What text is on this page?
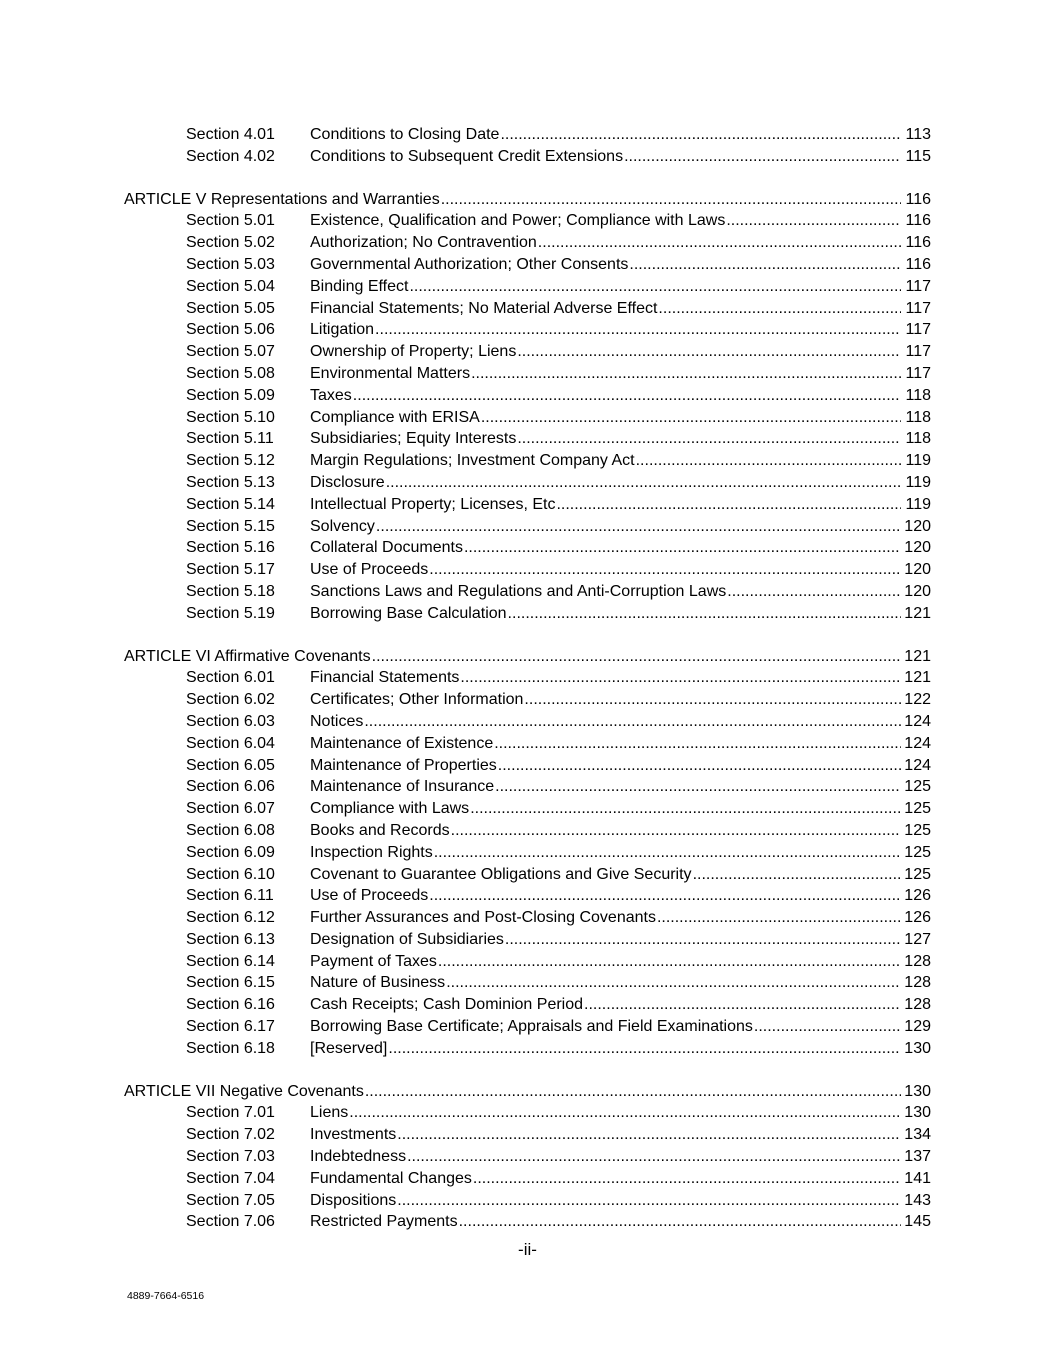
Section 4.01	Conditions to Closing Date .....	113
Section 4.02	Conditions to Subsequent Credit Extensions .....	115
ARTICLE V Representations and Warranties .....	116
Section 5.01	Existence, Qualification and Power; Compliance with Laws .....	116
Section 5.02	Authorization; No Contravention .....	116
Section 5.03	Governmental Authorization; Other Consents .....	116
Section 5.04	Binding Effect .....	117
Section 5.05	Financial Statements; No Material Adverse Effect .....	117
Section 5.06	Litigation .....	117
Section 5.07	Ownership of Property; Liens .....	117
Section 5.08	Environmental Matters .....	117
Section 5.09	Taxes .....	118
Section 5.10	Compliance with ERISA .....	118
Section 5.11	Subsidiaries; Equity Interests .....	118
Section 5.12	Margin Regulations; Investment Company Act .....	119
Section 5.13	Disclosure .....	119
Section 5.14	Intellectual Property; Licenses, Etc .....	119
Section 5.15	Solvency .....	120
Section 5.16	Collateral Documents .....	120
Section 5.17	Use of Proceeds .....	120
Section 5.18	Sanctions Laws and Regulations and Anti-Corruption Laws .....	120
Section 5.19	Borrowing Base Calculation .....	121
ARTICLE VI Affirmative Covenants .....	121
Section 6.01	Financial Statements .....	121
Section 6.02	Certificates; Other Information .....	122
Section 6.03	Notices .....	124
Section 6.04	Maintenance of Existence .....	124
Section 6.05	Maintenance of Properties .....	124
Section 6.06	Maintenance of Insurance .....	125
Section 6.07	Compliance with Laws .....	125
Section 6.08	Books and Records .....	125
Section 6.09	Inspection Rights .....	125
Section 6.10	Covenant to Guarantee Obligations and Give Security .....	125
Section 6.11	Use of Proceeds .....	126
Section 6.12	Further Assurances and Post-Closing Covenants .....	126
Section 6.13	Designation of Subsidiaries .....	127
Section 6.14	Payment of Taxes .....	128
Section 6.15	Nature of Business .....	128
Section 6.16	Cash Receipts; Cash Dominion Period .....	128
Section 6.17	Borrowing Base Certificate; Appraisals and Field Examinations .....	129
Section 6.18	[Reserved] .....	130
ARTICLE VII Negative Covenants .....	130
Section 7.01	Liens .....	130
Section 7.02	Investments .....	134
Section 7.03	Indebtedness .....	137
Section 7.04	Fundamental Changes .....	141
Section 7.05	Dispositions .....	143
Section 7.06	Restricted Payments .....	145
-ii-
4889-7664-6516
